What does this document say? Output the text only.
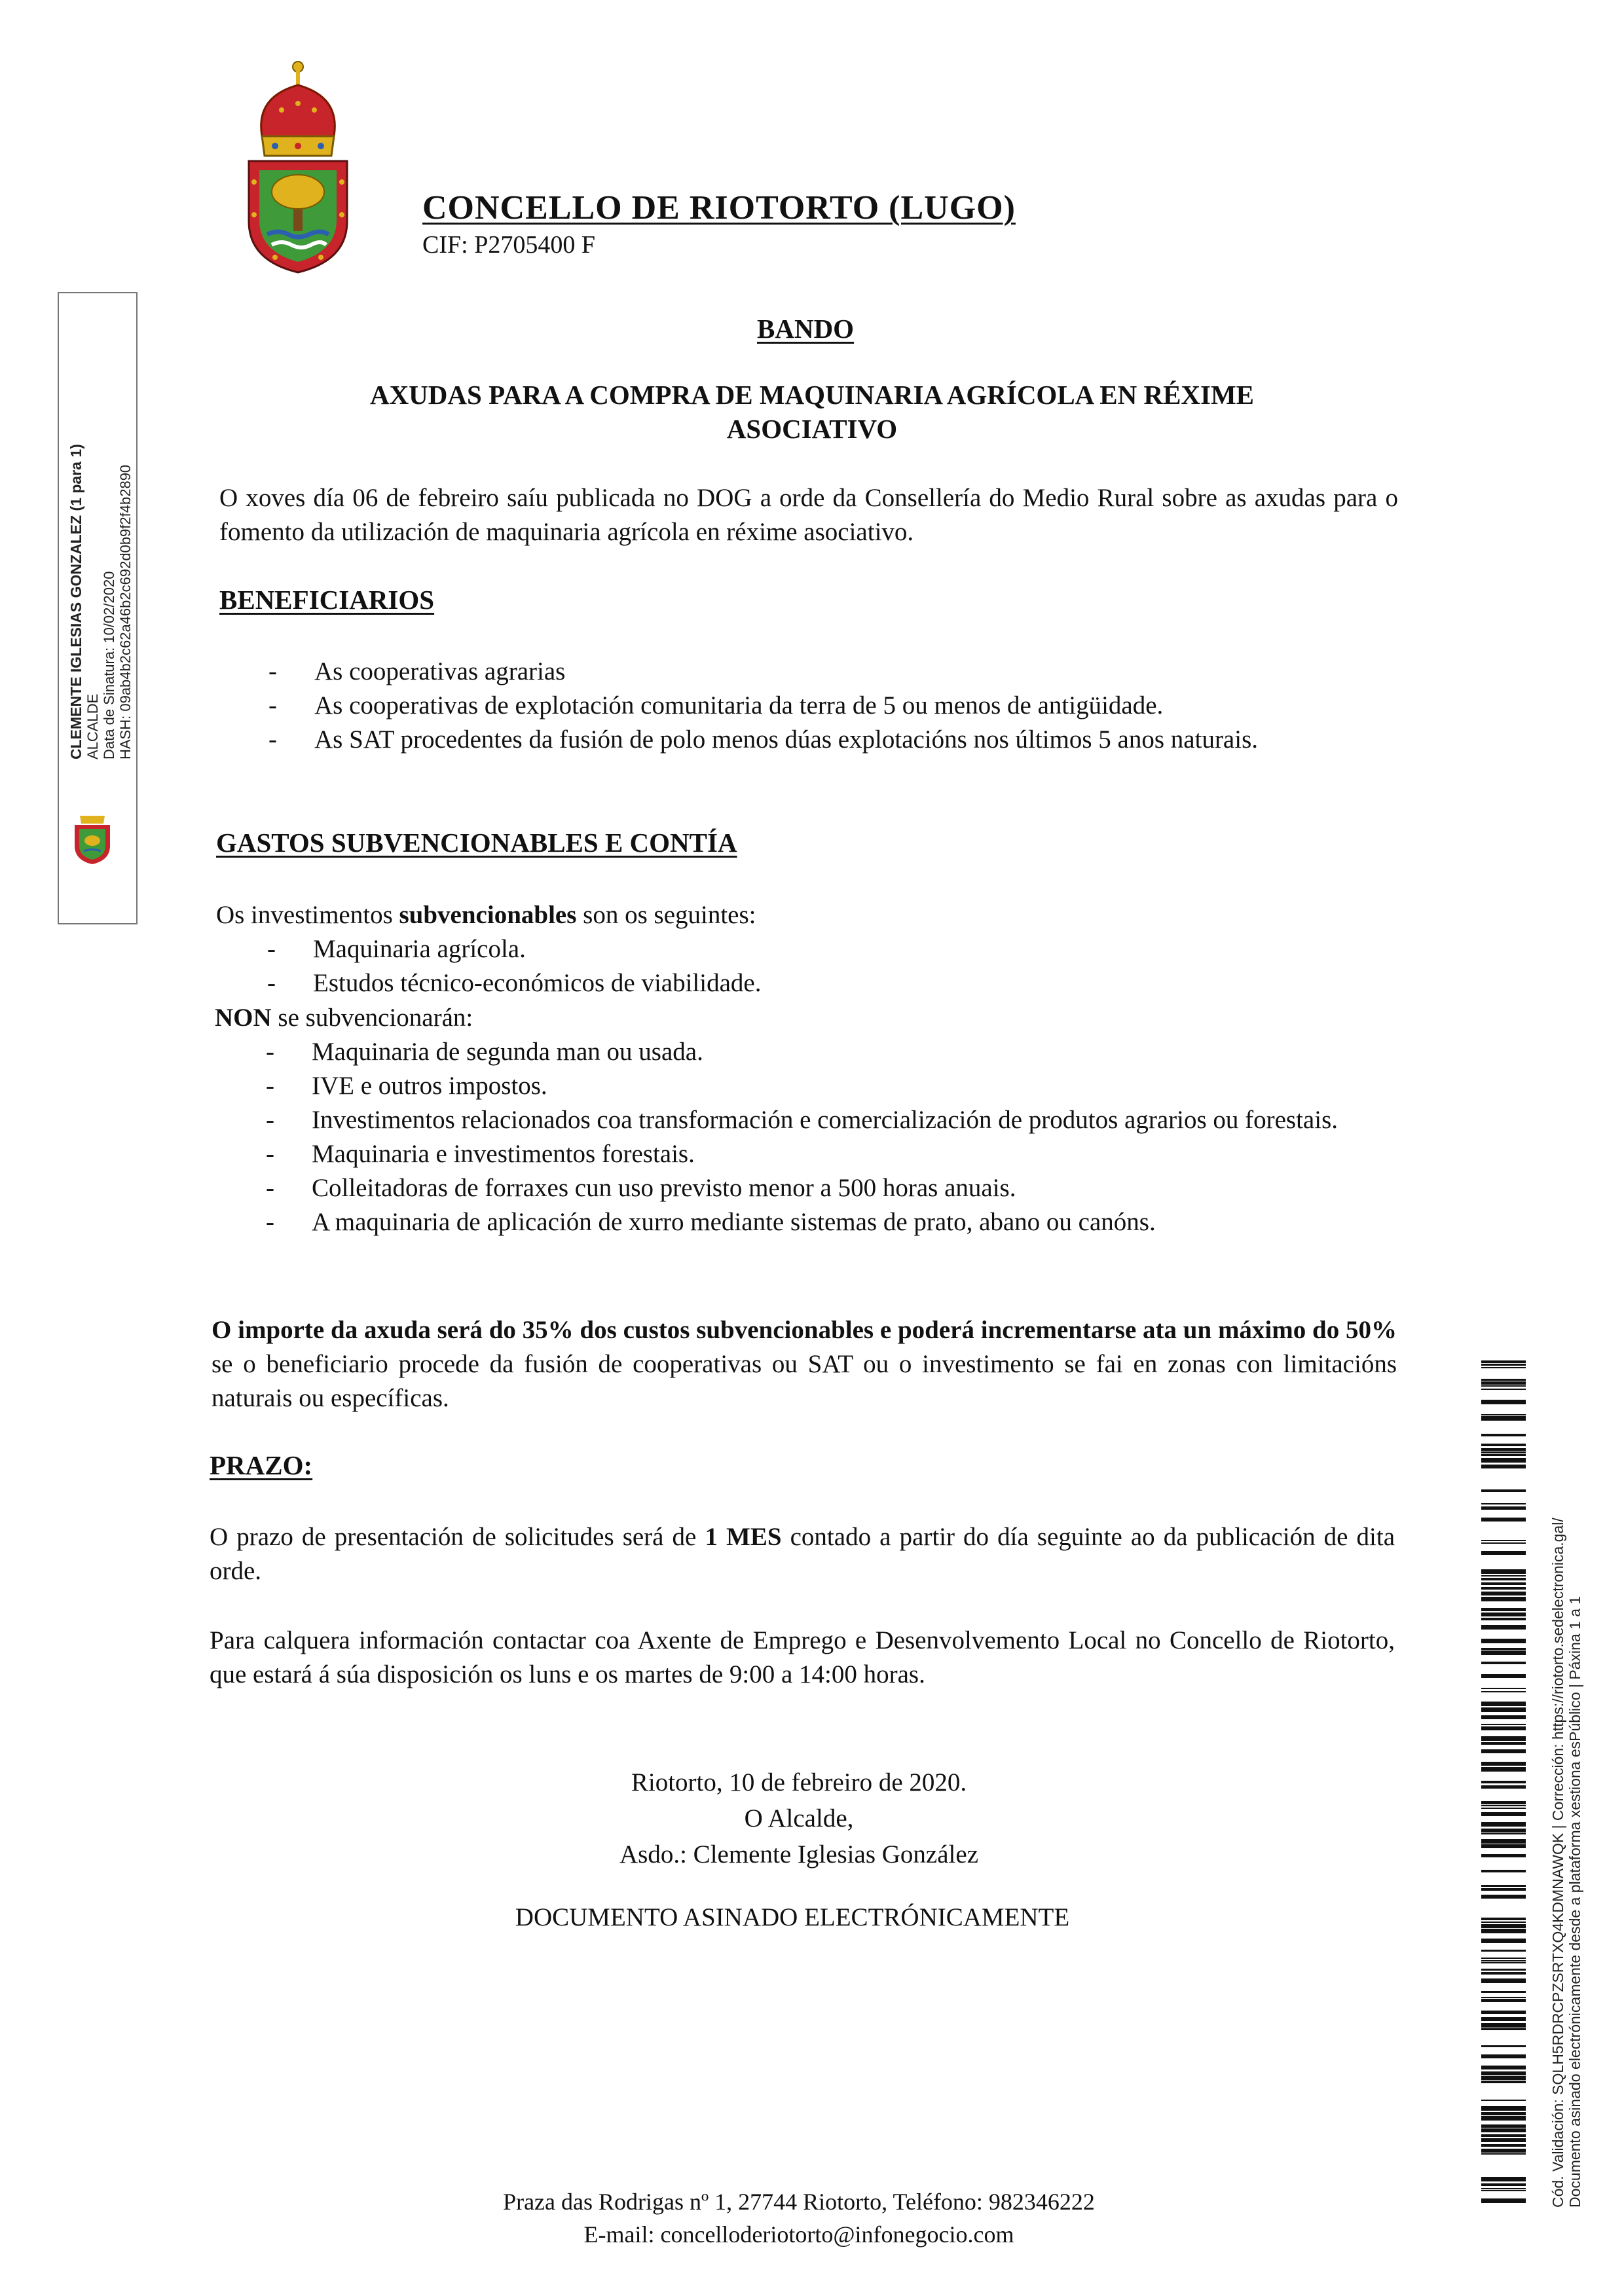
CONCELLO DE RIOTORTO (LUGO)
CIF: P2705400 F
CLEMENTE IGLESIAS GONZALEZ (1 para 1) ALCALDE Data de Sinatura: 10/02/2020 HASH: 09ab4b2c62a46b2c692d0b9f2f4b2890
BANDO
AXUDAS PARA A COMPRA DE MAQUINARIA AGRÍCOLA EN RÉXIME
ASOCIATIVO
O xoves día 06 de febreiro saíu publicada no DOG a orde da Consellería do Medio Rural sobre as axudas para o fomento da utilización de maquinaria agrícola en réxime asociativo.
BENEFICIARIOS
- As cooperativas agrarias
- As cooperativas de explotación comunitaria da terra de 5 ou menos de antigüidade.
- As SAT procedentes da fusión de polo menos dúas explotacións nos últimos 5 anos naturais.
GASTOS SUBVENCIONABLES E CONTÍA
Os investimentos subvencionables son os seguintes:
- Maquinaria agrícola.
- Estudos técnico-económicos de viabilidade.
NON se subvencionarán:
- Maquinaria de segunda man ou usada.
- IVE e outros impostos.
- Investimentos relacionados coa transformación e comercialización de produtos agrarios ou forestais.
- Maquinaria e investimentos forestais.
- Colleitadoras de forraxes cun uso previsto menor a 500 horas anuais.
- A maquinaria de aplicación de xurro mediante sistemas de prato, abano ou canóns.
O importe da axuda será do 35% dos custos subvencionables e poderá incrementarse ata un máximo do 50% se o beneficiario procede da fusión de cooperativas ou SAT ou o investimento se fai en zonas con limitacións naturais ou específicas.
PRAZO:
O prazo de presentación de solicitudes será de 1 MES contado a partir do día seguinte ao da publicación de dita orde.
Para calquera información contactar coa Axente de Emprego e Desenvolvemento Local no Concello de Riotorto, que estará á súa disposición os luns e os martes de 9:00 a 14:00 horas.
Riotorto, 10 de febreiro de 2020.
O Alcalde,
Asdo.: Clemente Iglesias González
DOCUMENTO ASINADO ELECTRÓNICAMENTE
Praza das Rodrigas nº 1, 27744 Riotorto, Teléfono: 982346222
E-mail: concelloderiotorto@infonegocio.com
Cód. Validación: SQLH5RDRCPZSRTXQ4KDMNAWQK | Corrección: https://riotorto.sedelectronica.gal/ Documento asinado electrónicamente desde a plataforma xestiona esPúblico | Páxina 1 a 1
